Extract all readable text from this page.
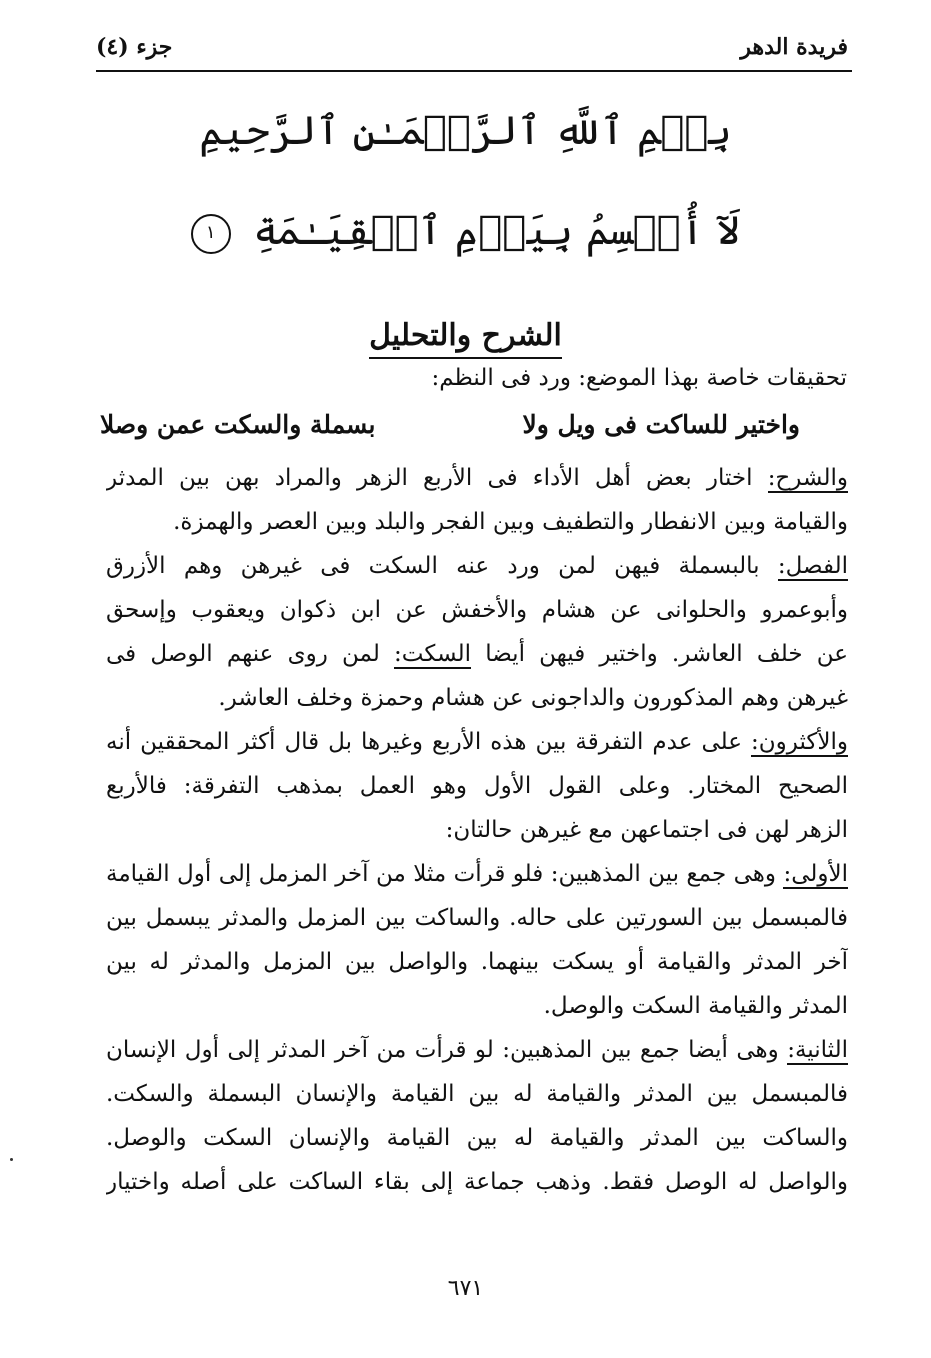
فريدة الدهر
جزء (٤)
بِسۡمِ ٱللَّهِ ٱلرَّحۡمَـٰنِ ٱلرَّحِيمِ
لَآ أُقۡسِمُ بِيَوۡمِ ٱلۡقِيَـٰمَةِ ١
الشرح والتحليل
تحقيقات خاصة بهذا الموضع: ورد فى النظم:
واختير للساكت فى ويل ولا
بسملة والسكت عمن وصلا
والشرح: اختار بعض أهل الأداء فى الأربع الزهر والمراد بهن بين المدثر
والقيامة وبين الانفطار والتطفيف وبين الفجر والبلد وبين العصر والهمزة.
الفصل: بالبسملة فيهن لمن ورد عنه السكت فى غيرهن وهم الأزرق
وأبوعمرو والحلوانى عن هشام والأخفش عن ابن ذكوان ويعقوب وإسحق
عن خلف العاشر. واختير فيهن أيضا السكت: لمن روى عنهم الوصل فى
غيرهن وهم المذكورون والداجونى عن هشام وحمزة وخلف العاشر.
والأكثرون: على عدم التفرقة بين هذه الأربع وغيرها بل قال أكثر المحققين أنه
الصحيح المختار. وعلى القول الأول وهو العمل بمذهب التفرقة: فالأربع
الزهر لهن فى اجتماعهن مع غيرهن حالتان:
الأولى: وهى جمع بين المذهبين: فلو قرأت مثلا من آخر المزمل إلى أول القيامة
فالمبسمل بين السورتين على حاله. والساكت بين المزمل والمدثر يبسمل بين
آخر المدثر والقيامة أو يسكت بينهما. والواصل بين المزمل والمدثر له بين
المدثر والقيامة السكت والوصل.
الثانية: وهى أيضا جمع بين المذهبين: لو قرأت من آخر المدثر إلى أول الإنسان
فالمبسمل بين المدثر والقيامة له بين القيامة والإنسان البسملة والسكت.
والساكت بين المدثر والقيامة له بين القيامة والإنسان السكت والوصل.
والواصل له الوصل فقط. وذهب جماعة إلى بقاء الساكت على أصله واختيار
٦٧١
